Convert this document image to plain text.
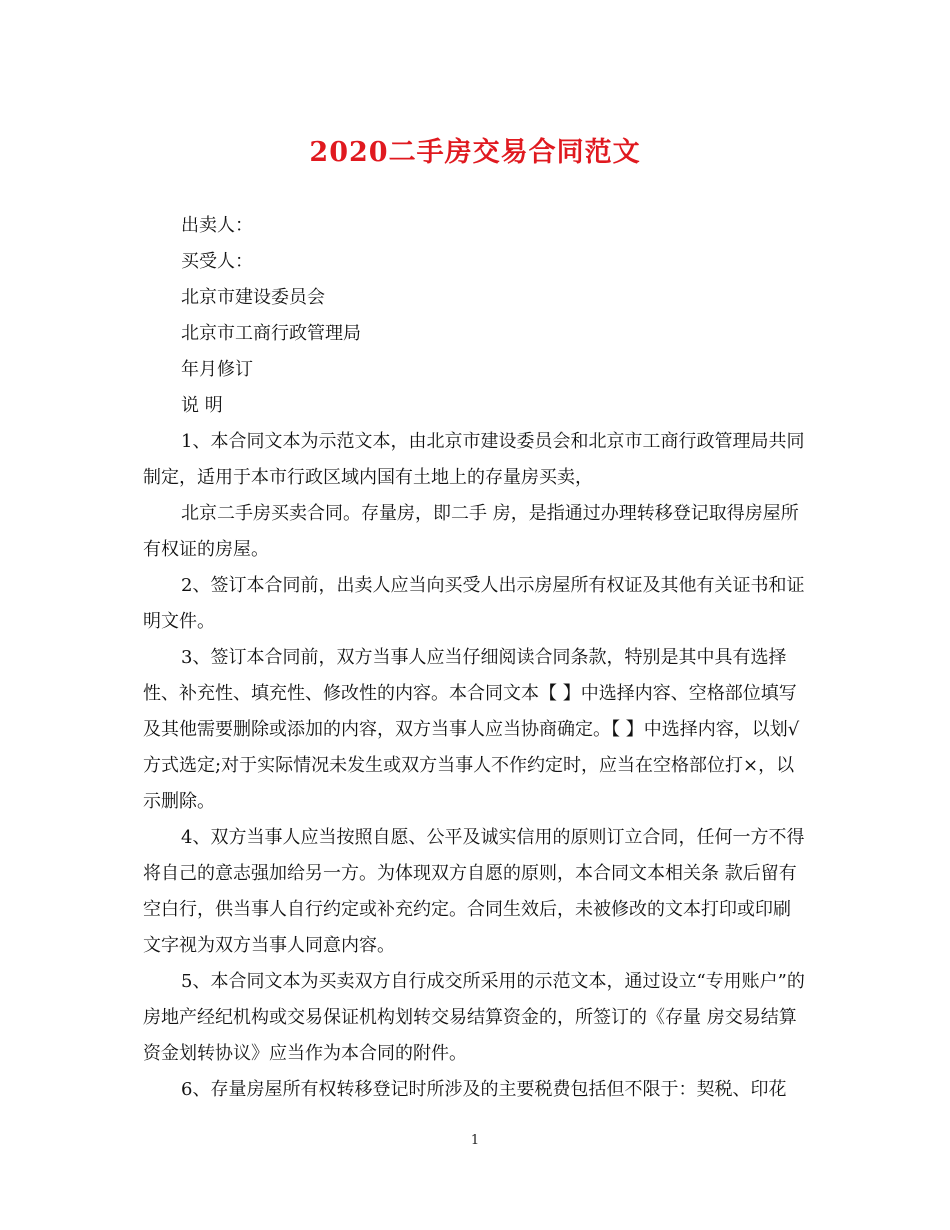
2020二手房交易合同范文

出卖人：

买受人：

北京市建设委员会

北京市工商行政管理局

年月修订

说 明

1、本合同文本为示范文本，由北京市建设委员会和北京市工商行政管理局共同制定，适用于本市行政区域内国有土地上的存量房买卖，

北京二手房买卖合同。存量房，即二手 房，是指通过办理转移登记取得房屋所有权证的房屋。

2、签订本合同前，出卖人应当向买受人出示房屋所有权证及其他有关证书和证明文件。

3、签订本合同前，双方当事人应当仔细阅读合同条款，特别是其中具有选择性、补充性、填充性、修改性的内容。本合同文本【 】中选择内容、空格部位填写及其他需要删除或添加的内容，双方当事人应当协商确定。【 】中选择内容，以划√方式选定;对于实际情况未发生或双方当事人不作约定时，应当在空格部位打×，以示删除。

4、双方当事人应当按照自愿、公平及诚实信用的原则订立合同，任何一方不得将自己的意志强加给另一方。为体现双方自愿的原则，本合同文本相关条 款后留有空白行，供当事人自行约定或补充约定。合同生效后，未被修改的文本打印或印刷文字视为双方当事人同意内容。

5、本合同文本为买卖双方自行成交所采用的示范文本，通过设立“专用账户”的房地产经纪机构或交易保证机构划转交易结算资金的，所签订的《存量 房交易结算资金划转协议》应当作为本合同的附件。

6、存量房屋所有权转移登记时所涉及的主要税费包括但不限于：契税、印花

1
